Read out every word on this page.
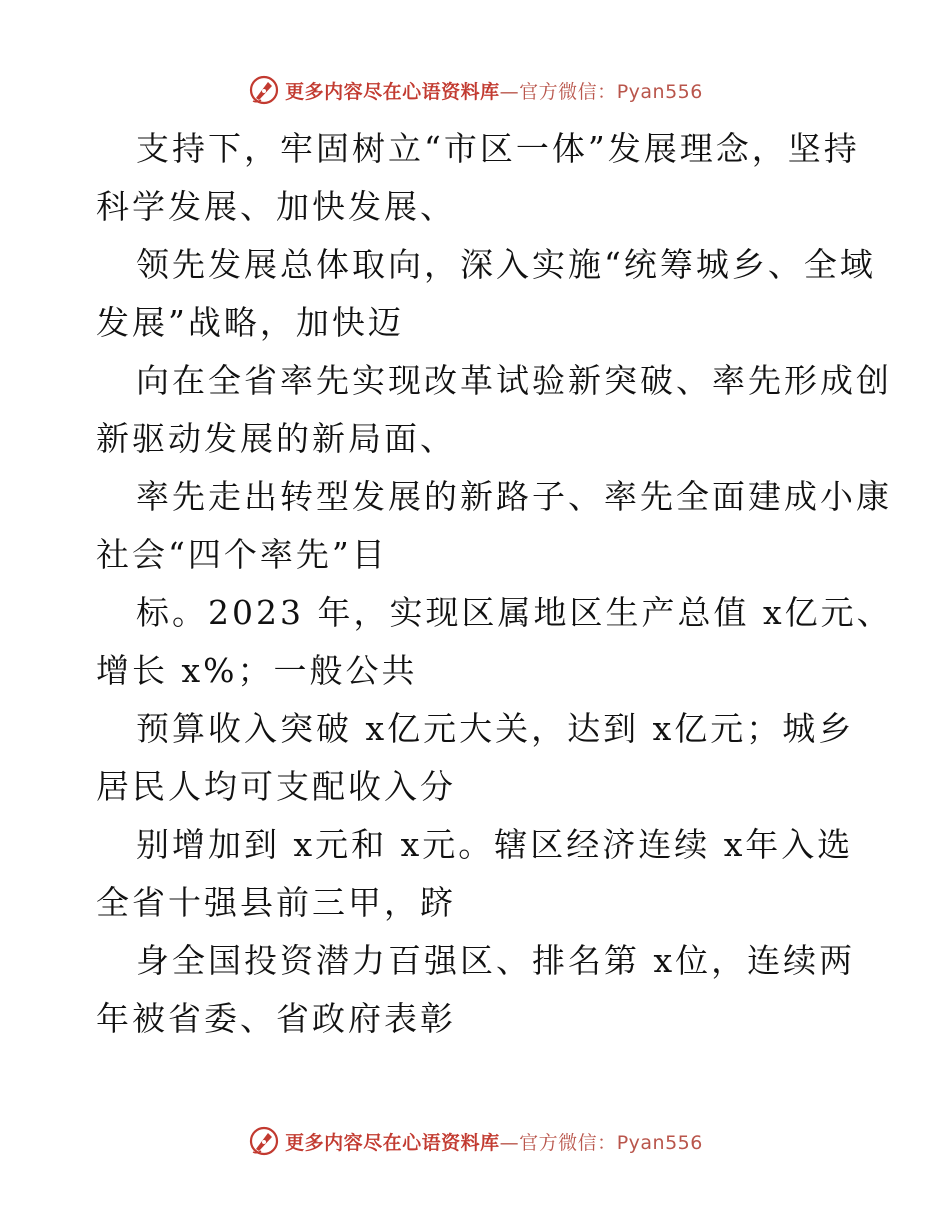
更多内容尽在心语资料库—官方微信：Pyan556

支持下，牢固树立“市区一体”发展理念，坚持
科学发展、加快发展、

领先发展总体取向，深入实施“统筹城乡、全域
发展”战略，加快迈

向在全省率先实现改革试验新突破、率先形成创
新驱动发展的新局面、

率先走出转型发展的新路子、率先全面建成小康
社会“四个率先”目

标。2023 年，实现区属地区生产总值 x亿元、
增长 x%；一般公共

预算收入突破 x亿元大关，达到 x亿元；城乡
居民人均可支配收入分

别增加到 x元和 x元。辖区经济连续 x年入选
全省十强县前三甲，跻

身全国投资潜力百强区、排名第 x位，连续两
年被省委、省政府表彰

更多内容尽在心语资料库—官方微信：Pyan556
